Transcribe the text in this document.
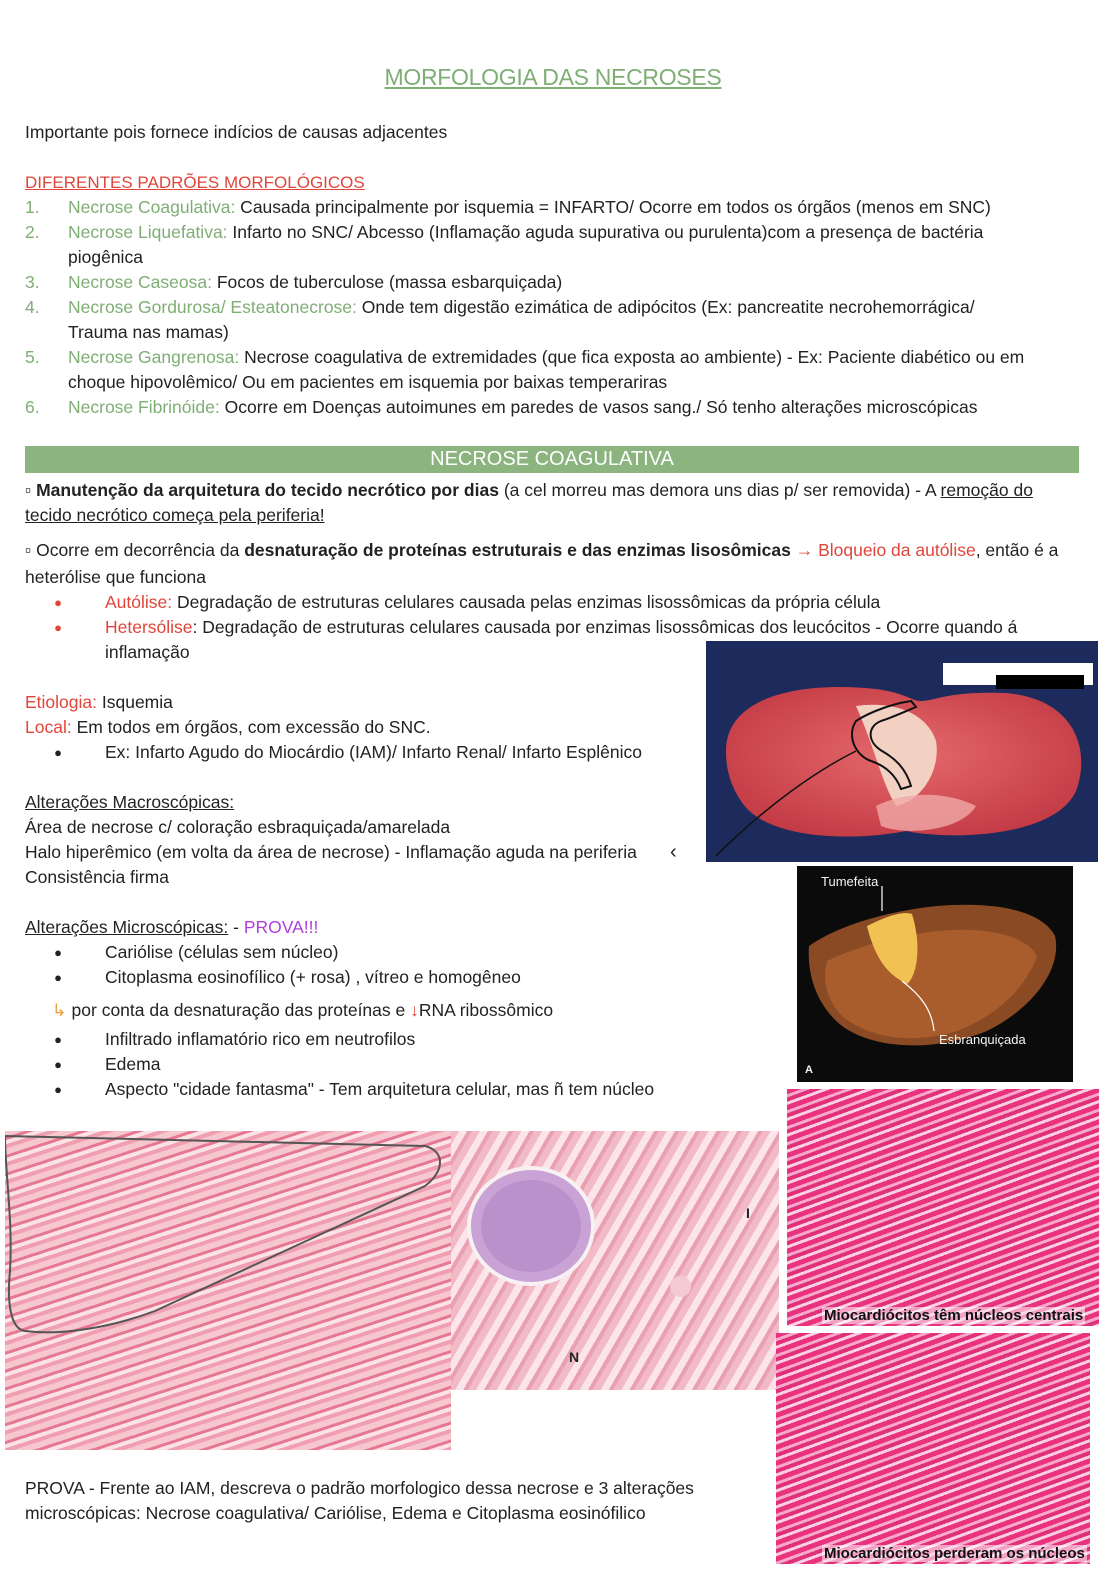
MORFOLOGIA DAS NECROSES
Importante pois fornece indícios de causas adjacentes
DIFERENTES PADRÕES MORFOLÓGICOS
1.	Necrose Coagulativa: Causada principalmente por isquemia = INFARTO/ Ocorre em todos os órgãos (menos em SNC)
2.	Necrose Liquefativa: Infarto no SNC/ Abcesso (Inflamação aguda supurativa ou purulenta)com a presença de bactéria
piogênica
3.	Necrose Caseosa: Focos de tuberculose (massa esbarquiçada)
4.	Necrose Gordurosa/ Esteatonecrose: Onde tem digestão ezimática de adipócitos (Ex: pancreatite necrohemorrágica/
Trauma nas mamas)
5.	Necrose Gangrenosa: Necrose coagulativa de extremidades (que fica exposta ao ambiente) - Ex: Paciente diabético ou em
choque hipovolêmico/ Ou em pacientes em isquemia por baixas temperariras
6.	Necrose Fibrinóide: Ocorre em Doenças autoimunes em paredes de vasos sang./ Só tenho alterações microscópicas
NECROSE COAGULATIVA
▫ Manutenção da arquitetura do tecido necrótico por dias (a cel morreu mas demora uns dias p/ ser removida) - A remoção do
tecido necrótico começa pela periferia!
▫ Ocorre em decorrência da desnaturação de proteínas estruturais e das enzimas lisosômicas → Bloqueio da autólise, então é a
heterólise que funciona
● Autólise: Degradação de estruturas celulares causada pelas enzimas lisossômicas da própria célula
● Hetersólise: Degradação de estruturas celulares causada por enzimas lisossômicas dos leucócitos - Ocorre quando á
inflamação
Etiologia: Isquemia
Local: Em todos em órgãos, com excessão do SNC.
● Ex: Infarto Agudo do Miocárdio (IAM)/ Infarto Renal/ Infarto Esplênico
Alterações Macroscópicas:
Área de necrose c/ coloração esbraquiçada/amarelada
Halo hiperêmico (em volta da área de necrose) - Inflamação aguda na periferia
Consistência firma
Alterações Microscópicas: - PROVA!!!
● Cariólise (células sem núcleo)
● Citoplasma eosinofílico (+ rosa) , vítreo e homogêneo
↳ por conta da desnaturação das proteínas e ↓RNA ribossômico
● Infiltrado inflamatório rico em neutrofilos
● Edema
● Aspecto "cidade fantasma" - Tem arquitetura celular, mas ñ tem núcleo
‹
Tumefeita
Esbranquiçada
A
I
N
Miocardiócitos têm núcleos centrais
Miocardiócitos perderam os núcleos
PROVA - Frente ao IAM, descreva o padrão morfologico dessa necrose e 3 alterações
microscópicas: Necrose coagulativa/ Cariólise, Edema e Citoplasma eosinófilico
